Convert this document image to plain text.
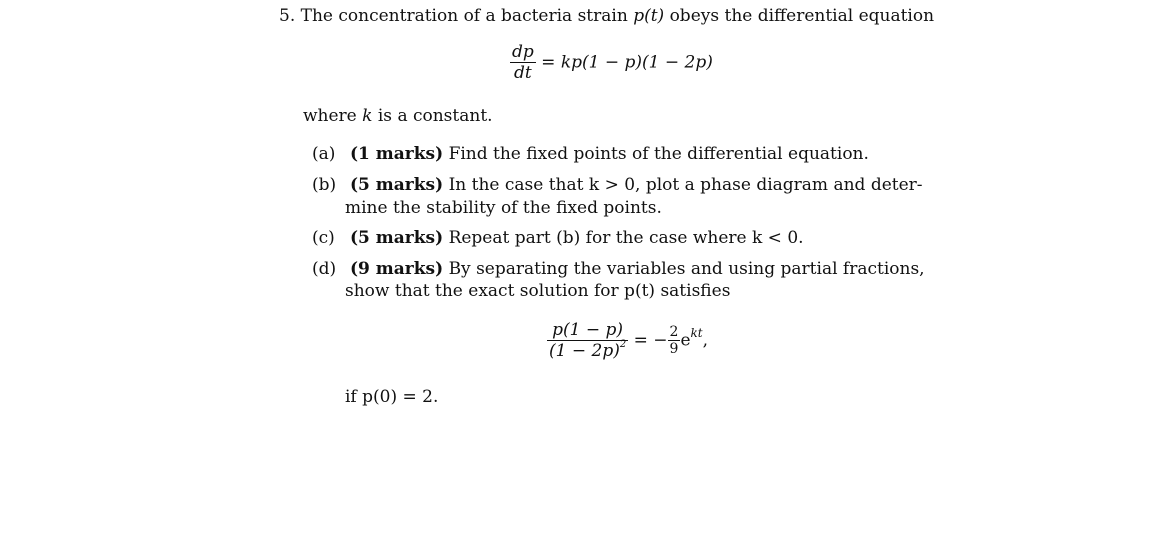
5. The concentration of a bacteria strain p(t) obeys the differential equation
$\frac{dp}{dt} = kp(1 - p)(1 - 2p)$
where k is a constant.
(a) (1 marks) Find the fixed points of the differential equation.
(b) (5 marks) In the case that k > 0, plot a phase diagram and deter-
mine the stability of the fixed points.
(c) (5 marks) Repeat part (b) for the case where k < 0.
(d) (9 marks) By separating the variables and using partial fractions,
show that the exact solution for p(t) satisfies
$\frac{p(1 - p)}{(1 - 2p)^2}$ = − $\frac{2}{9} e^{kt}$,
if p(0) = 2.
